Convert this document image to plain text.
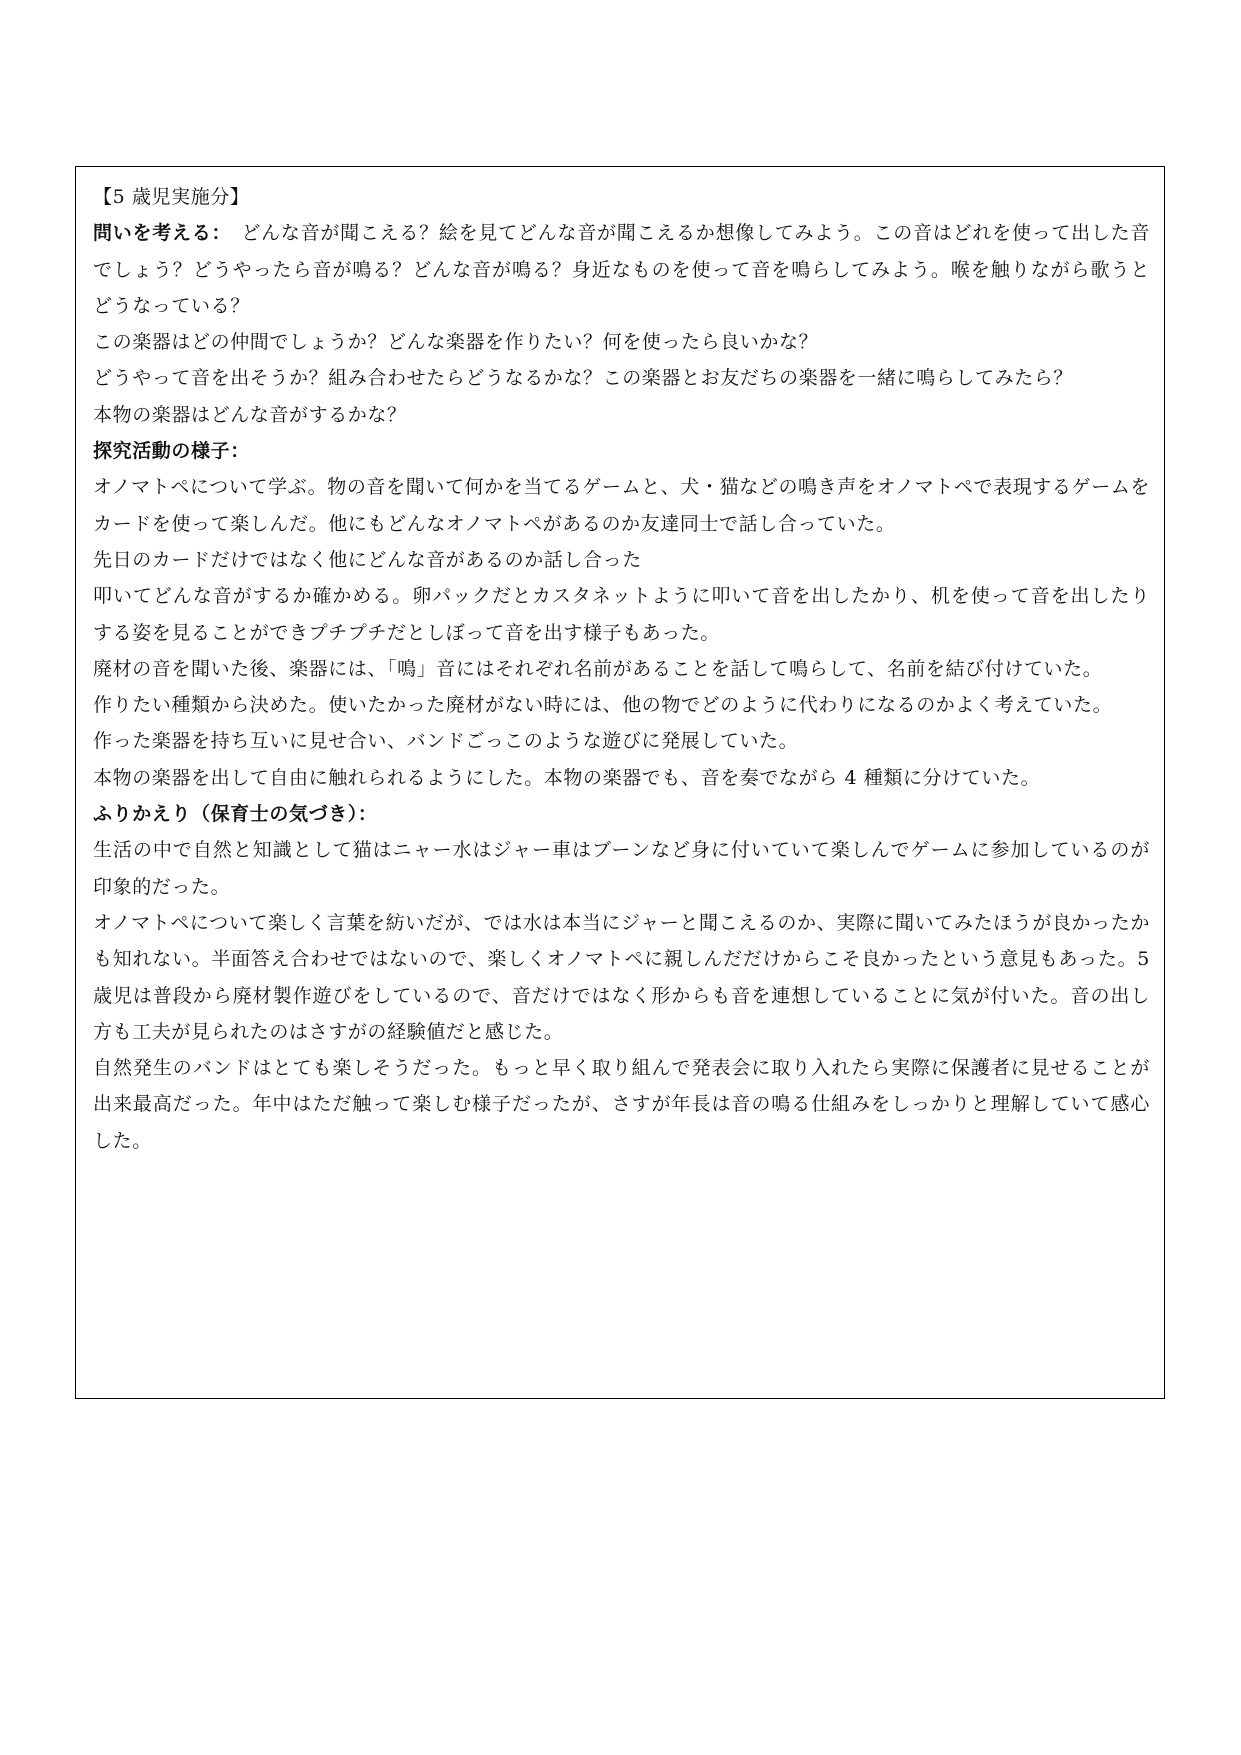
【5 歳児実施分】

問いを考える： どんな音が聞こえる？絵を見てどんな音が聞こえるか想像してみよう。この音はどれを使って出した音でしょう？どうやったら音が鳴る？どんな音が鳴る？身近なものを使って音を鳴らしてみよう。喉を触りながら歌うとどうなっている？

この楽器はどの仲間でしょうか？どんな楽器を作りたい？何を使ったら良いかな？

どうやって音を出そうか？組み合わせたらどうなるかな？この楽器とお友だちの楽器を一緒に鳴らしてみたら？

本物の楽器はどんな音がするかな？

探究活動の様子：

オノマトペについて学ぶ。物の音を聞いて何かを当てるゲームと、犬・猫などの鳴き声をオノマトペで表現するゲームをカードを使って楽しんだ。他にもどんなオノマトペがあるのか友達同士で話し合っていた。

先日のカードだけではなく他にどんな音があるのか話し合った

叩いてどんな音がするか確かめる。卵パックだとカスタネットように叩いて音を出したかり、机を使って音を出したりする姿を見ることができプチプチだとしぼって音を出す様子もあった。

廃材の音を聞いた後、楽器には、「鳴」音にはそれぞれ名前があることを話して鳴らして、名前を結び付けていた。

作りたい種類から決めた。使いたかった廃材がない時には、他の物でどのように代わりになるのかよく考えていた。

作った楽器を持ち互いに見せ合い、バンドごっこのような遊びに発展していた。

本物の楽器を出して自由に触れられるようにした。本物の楽器でも、音を奏でながら 4 種類に分けていた。

ふりかえり（保育士の気づき）：

生活の中で自然と知識として猫はニャー水はジャー車はブーンなど身に付いていて楽しんでゲームに参加しているのが印象的だった。

オノマトペについて楽しく言葉を紡いだが、では水は本当にジャーと聞こえるのか、実際に聞いてみたほうが良かったかも知れない。半面答え合わせではないので、楽しくオノマトペに親しんだだけからこそ良かったという意見もあった。5 歳児は普段から廃材製作遊びをしているので、音だけではなく形からも音を連想していることに気が付いた。音の出し方も工夫が見られたのはさすがの経験値だと感じた。

自然発生のバンドはとても楽しそうだった。もっと早く取り組んで発表会に取り入れたら実際に保護者に見せることが出来最高だった。年中はただ触って楽しむ様子だったが、さすが年長は音の鳴る仕組みをしっかりと理解していて感心した。
